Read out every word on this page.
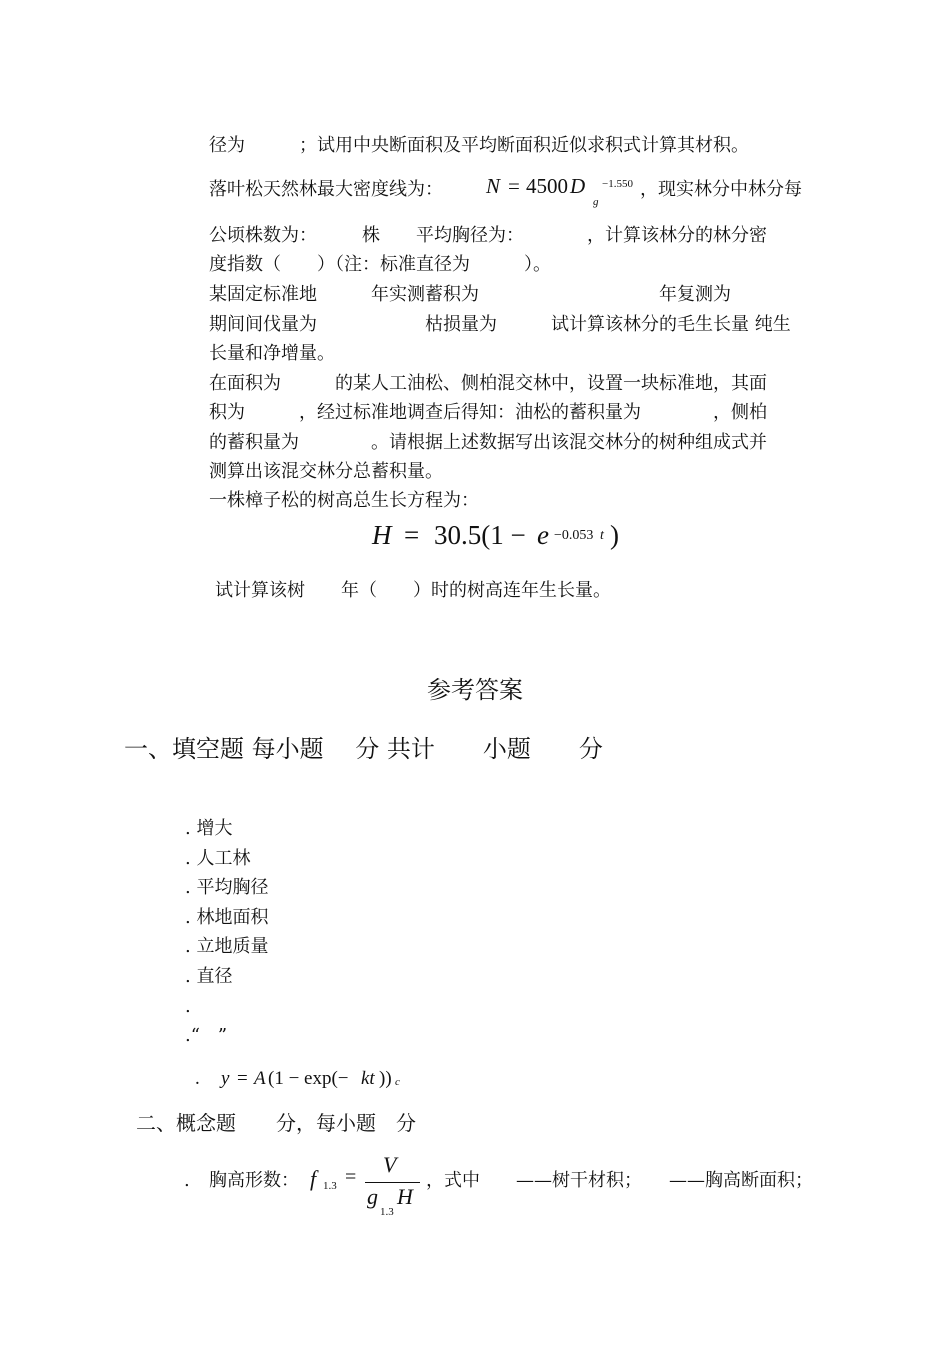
径为　　　；试用中央断面积及平均断面积近似求积式计算其材积。
落叶松天然林最大密度线为： N = 4500 D
g
−1.550 ，现实林分中林分每
公顷株数为：　　　株　　平均胸径为：　　　　，计算该林分的林分密
度指数（　　）（注：标准直径为　　　）。
某固定标准地　　　年实测蓄积为　　　　　　　　　　年复测为
期间间伐量为　　　　　　枯损量为　　　试计算该林分的毛生长量 纯生
长量和净增量。
在面积为　　　的某人工油松、侧柏混交林中，设置一块标准地，其面
积为　　　，经过标准地调查后得知：油松的蓄积量为　　　　，侧柏
的蓄积量为　　　　。请根据上述数据写出该混交林分的树种组成式并
测算出该混交林分总蓄积量。
一株樟子松的树高总生长方程为：
H = 30.5(1 − e −0.053 t )
试计算该树　　年（　　）时的树高连年生长量。
参考答案
一、填空题 每小题　 分 共计　　小题　　分
. 增大
. 人工林
. 平均胸径
. 林地面积
. 立地质量
. 直径
.
.“　”
. y = A (1 − exp(− kt )) c
二、概念题　　分，每小题　分
. 胸高形数： f 1.3 = V
g
1.3
H
，式中　　——树干材积；　　——胸高断面积；
